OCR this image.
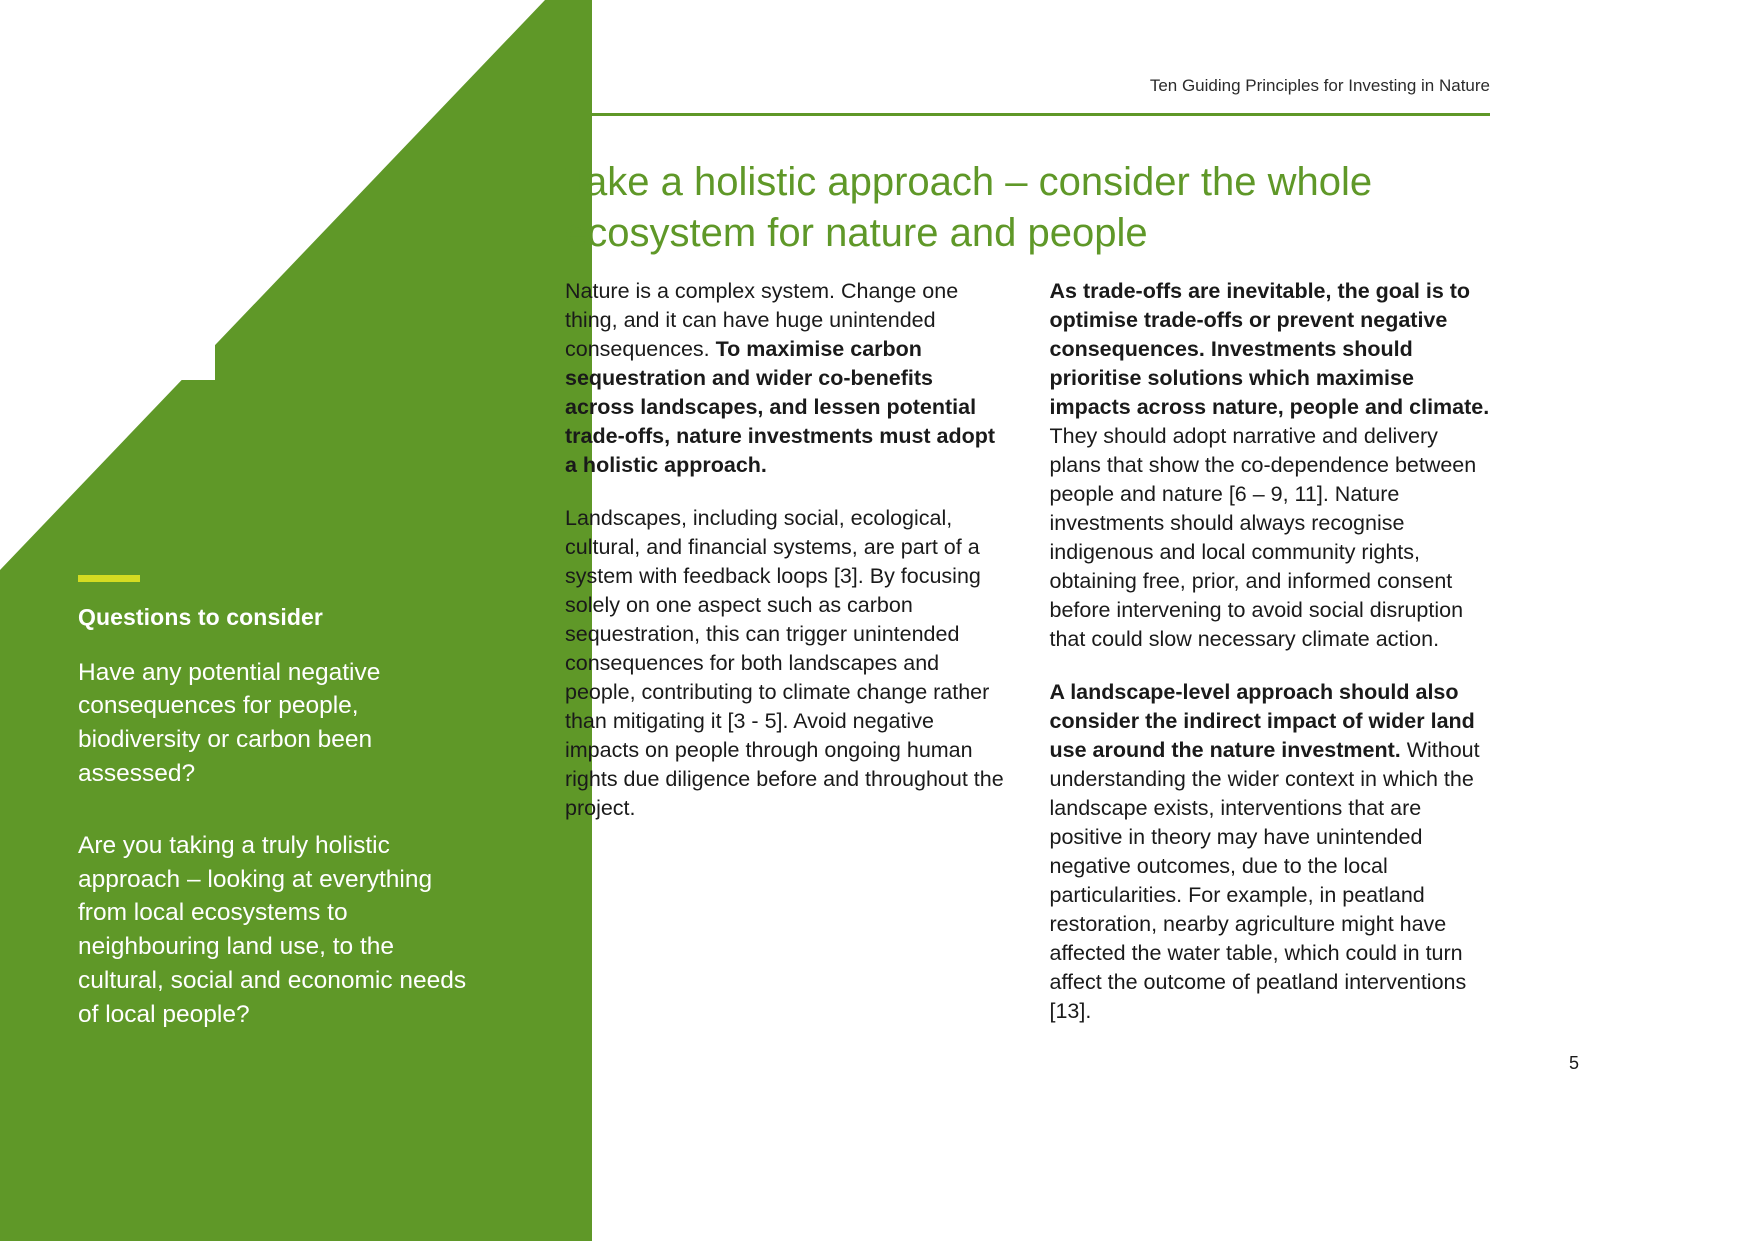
Questions to consider

Have any potential negative consequences for people, biodiversity or carbon been assessed?

Are you taking a truly holistic approach – looking at everything from local ecosystems to neighbouring land use, to the cultural, social and economic needs of local people?

Ten Guiding Principles for Investing in Nature
Take a holistic approach – consider the whole ecosystem for nature and people

Nature is a complex system. Change one thing, and it can have huge unintended consequences. To maximise carbon sequestration and wider co-benefits across landscapes, and lessen potential trade-offs, nature investments must adopt a holistic approach.

Landscapes, including social, ecological, cultural, and financial systems, are part of a system with feedback loops [3]. By focusing solely on one aspect such as carbon sequestration, this can trigger unintended consequences for both landscapes and people, contributing to climate change rather than mitigating it [3 - 5]. Avoid negative impacts on people through ongoing human rights due diligence before and throughout the project.

As trade-offs are inevitable, the goal is to optimise trade-offs or prevent negative consequences. Investments should prioritise solutions which maximise impacts across nature, people and climate. They should adopt narrative and delivery plans that show the co-dependence between people and nature [6 – 9, 11]. Nature investments should always recognise indigenous and local community rights, obtaining free, prior, and informed consent before intervening to avoid social disruption that could slow necessary climate action.

A landscape-level approach should also consider the indirect impact of wider land use around the nature investment. Without understanding the wider context in which the landscape exists, interventions that are positive in theory may have unintended negative outcomes, due to the local particularities. For example, in peatland restoration, nearby agriculture might have affected the water table, which could in turn affect the outcome of peatland interventions [13].

5
